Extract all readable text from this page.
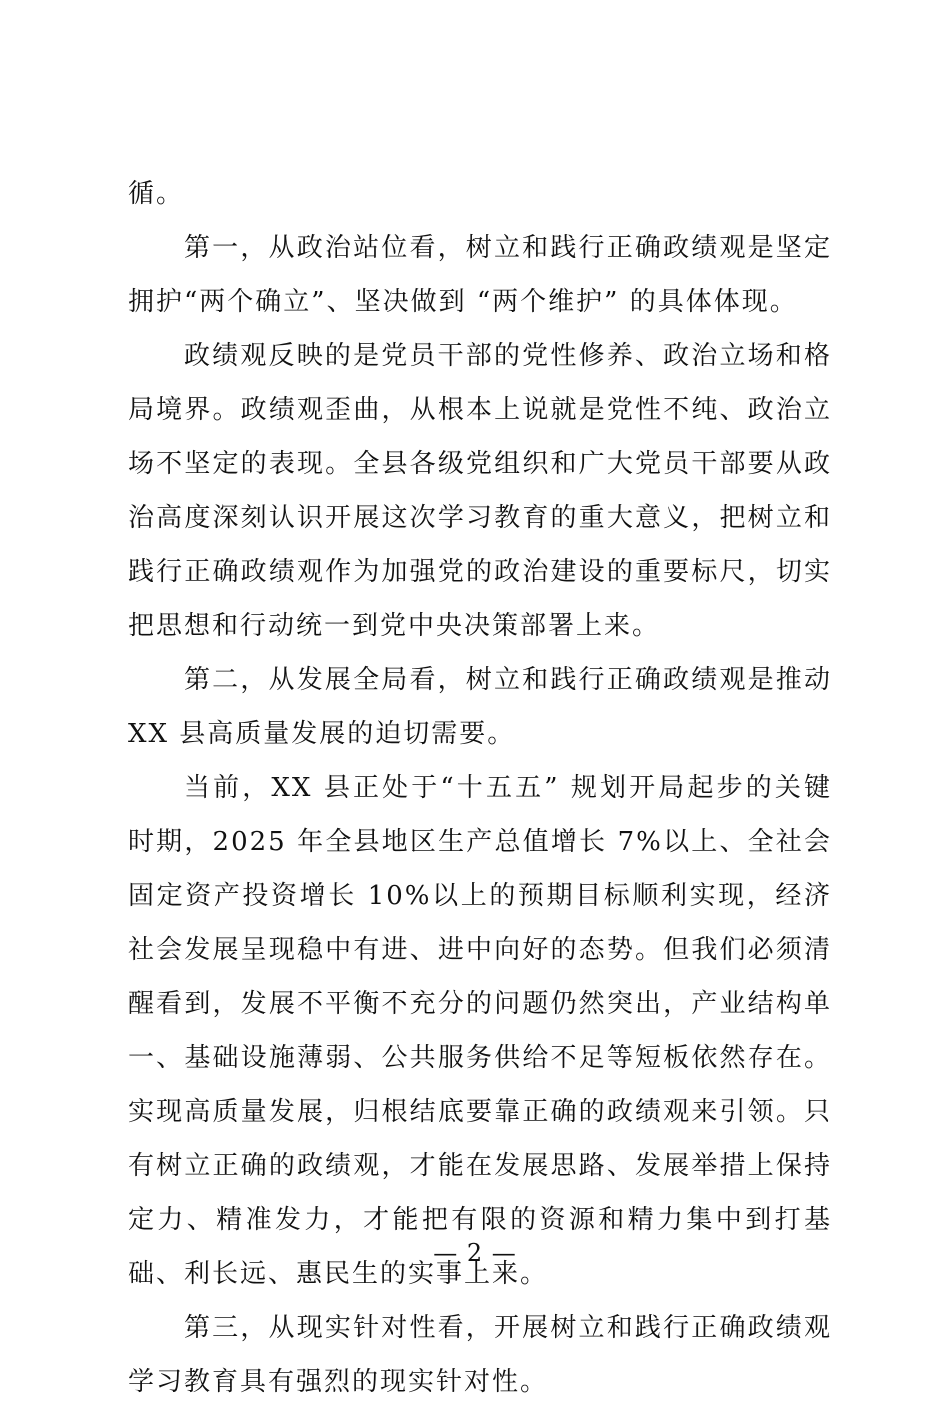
循。

第一，从政治站位看，树立和践行正确政绩观是坚定拥护“两个确立”、坚决做到 “两个维护” 的具体体现。

政绩观反映的是党员干部的党性修养、政治立场和格局境界。政绩观歪曲，从根本上说就是党性不纯、政治立场不坚定的表现。全县各级党组织和广大党员干部要从政治高度深刻认识开展这次学习教育的重大意义，把树立和践行正确政绩观作为加强党的政治建设的重要标尺，切实把思想和行动统一到党中央决策部署上来。

第二，从发展全局看，树立和践行正确政绩观是推动 XX 县高质量发展的迫切需要。

当前，XX 县正处于“十五五” 规划开局起步的关键时期，2025 年全县地区生产总值增长 7%以上、全社会固定资产投资增长 10%以上的预期目标顺利实现，经济社会发展呈现稳中有进、进中向好的态势。但我们必须清醒看到，发展不平衡不充分的问题仍然突出，产业结构单一、基础设施薄弱、公共服务供给不足等短板依然存在。实现高质量发展，归根结底要靠正确的政绩观来引领。只有树立正确的政绩观，才能在发展思路、发展举措上保持定力、精准发力，才能把有限的资源和精力集中到打基础、利长远、惠民生的实事上来。

第三，从现实针对性看，开展树立和践行正确政绩观学习教育具有强烈的现实针对性。

— 2 —
